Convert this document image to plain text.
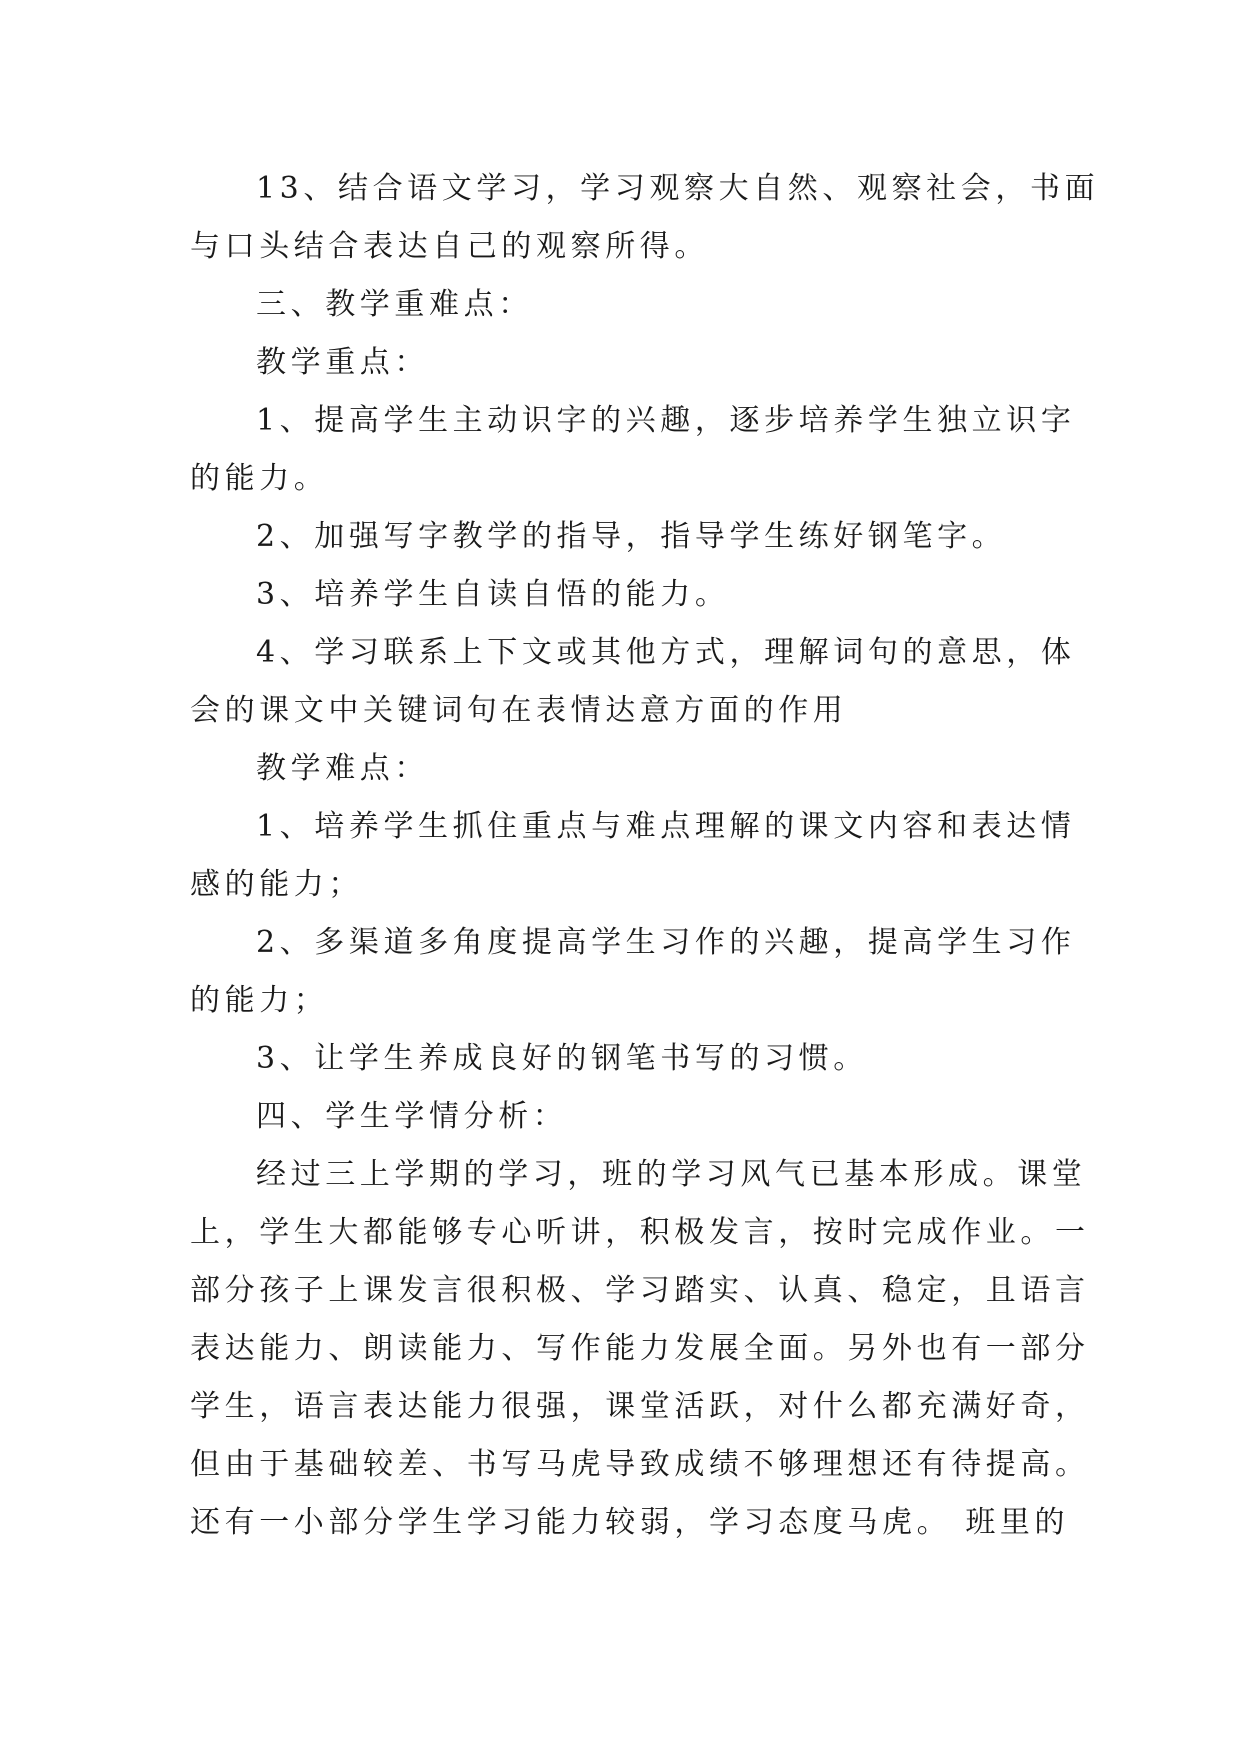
13、结合语文学习，学习观察大自然、观察社会，书面
与口头结合表达自己的观察所得。
三、教学重难点：
教学重点：
1、提高学生主动识字的兴趣，逐步培养学生独立识字
的能力。
2、加强写字教学的指导，指导学生练好钢笔字。
3、培养学生自读自悟的能力。
4、学习联系上下文或其他方式，理解词句的意思，体
会的课文中关键词句在表情达意方面的作用
教学难点：
1、培养学生抓住重点与难点理解的课文内容和表达情
感的能力；
2、多渠道多角度提高学生习作的兴趣，提高学生习作
的能力；
3、让学生养成良好的钢笔书写的习惯。
四、学生学情分析：
经过三上学期的学习，班的学习风气已基本形成。课堂
上，学生大都能够专心听讲，积极发言，按时完成作业。一
部分孩子上课发言很积极、学习踏实、认真、稳定，且语言
表达能力、朗读能力、写作能力发展全面。另外也有一部分
学生，语言表达能力很强，课堂活跃，对什么都充满好奇，
但由于基础较差、书写马虎导致成绩不够理想还有待提高。
还有一小部分学生学习能力较弱，学习态度马虎。 班里的
